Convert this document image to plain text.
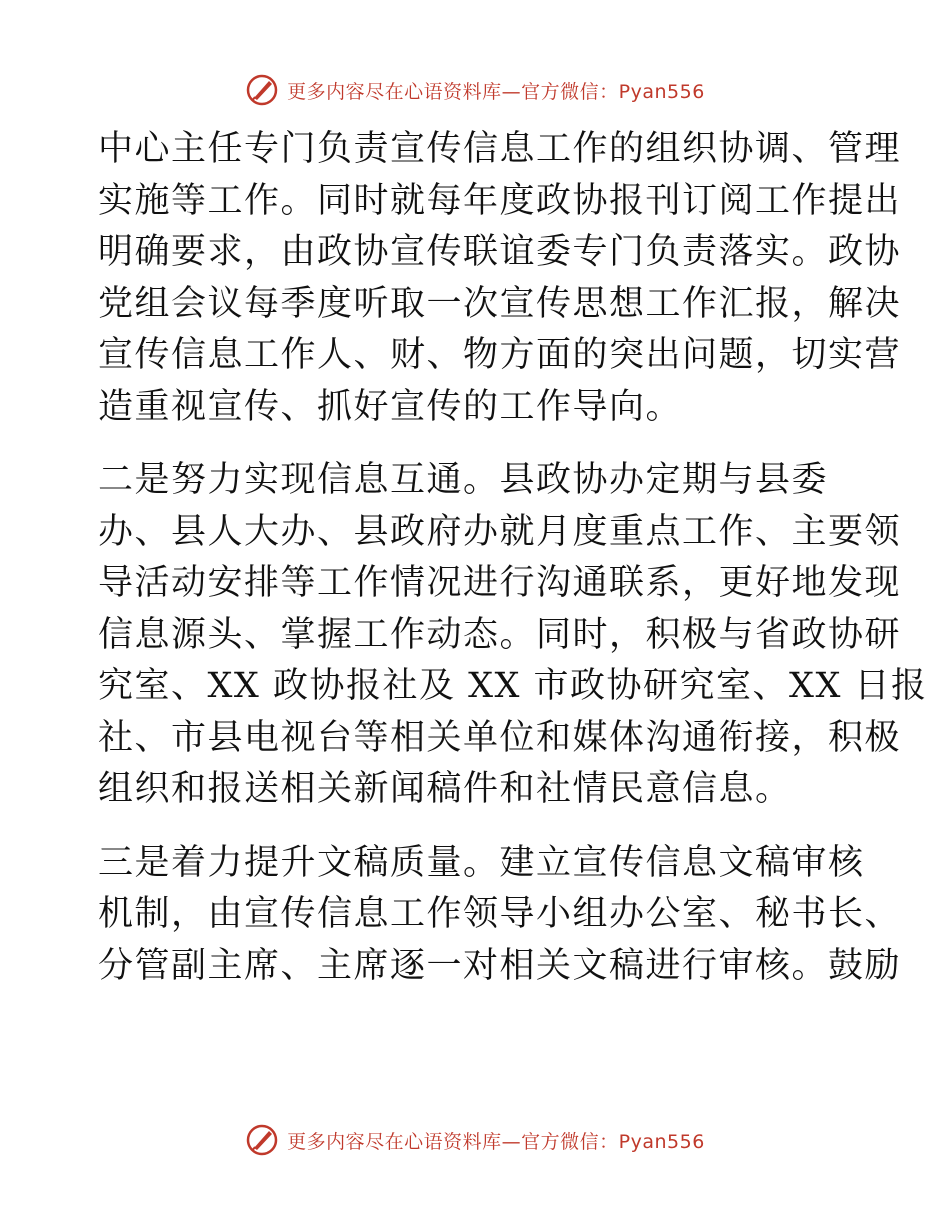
更多内容尽在心语资料库—官方微信：Pyan556

中心主任专门负责宣传信息工作的组织协调、管理
实施等工作。同时就每年度政协报刊订阅工作提出
明确要求，由政协宣传联谊委专门负责落实。政协
党组会议每季度听取一次宣传思想工作汇报，解决
宣传信息工作人、财、物方面的突出问题，切实营
造重视宣传、抓好宣传的工作导向。

二是努力实现信息互通。县政协办定期与县委
办、县人大办、县政府办就月度重点工作、主要领
导活动安排等工作情况进行沟通联系，更好地发现
信息源头、掌握工作动态。同时，积极与省政协研
究室、XX 政协报社及 XX 市政协研究室、XX 日报
社、市县电视台等相关单位和媒体沟通衔接，积极
组织和报送相关新闻稿件和社情民意信息。

三是着力提升文稿质量。建立宣传信息文稿审核
机制，由宣传信息工作领导小组办公室、秘书长、
分管副主席、主席逐一对相关文稿进行审核。鼓励

更多内容尽在心语资料库—官方微信：Pyan556
